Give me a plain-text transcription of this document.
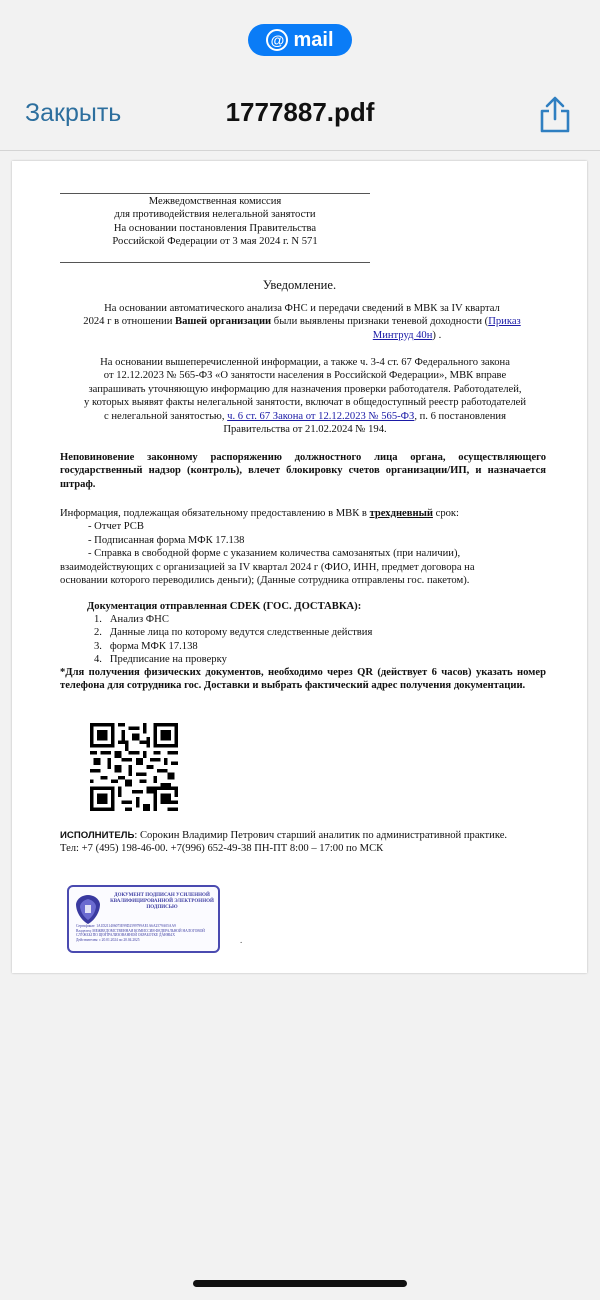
@ mail
Закрыть	1777887.pdf
Межведомственная комиссия
для противодействия нелегальной занятости
На основании постановления Правительства
Российской Федерации от 3 мая 2024 г. N 571
Уведомление.
На основании автоматического анализа ФНС и передачи сведений в МВК за IV квартал
2024 г в отношении Вашей организации были выявлены признаки теневой доходности (Приказ
Минтруд 40н) .
На основании вышеперечисленной информации, а также ч. 3-4 ст. 67 Федерального закона
от 12.12.2023 № 565-ФЗ «О занятости населения в Российской Федерации», МВК вправе
запрашивать уточняющую информацию для назначения проверки работодателя. Работодателей,
у которых выявят факты нелегальной занятости, включат в общедоступный реестр работодателей
с нелегальной занятостью, ч. 6 ст. 67 Закона от 12.12.2023 № 565-ФЗ, п. 6 постановления
Правительства от 21.02.2024 № 194.
Неповиновение законному распоряжению должностного лица органа, осуществляющего государственный надзор (контроль), влечет блокировку счетов организации/ИП, и назначается штраф.
Информация, подлежащая обязательному предоставлению в МВК в трехдневный срок:
- Отчет РСВ
- Подписанная форма МФК 17.138
- Справка в свободной форме с указанием количества самозанятых (при наличии),
взаимодействующих с организацией за IV квартал 2024 г (ФИО, ИНН, предмет договора на
основании которого переводились деньги); (Данные сотрудника отправлены гос. пакетом).
Документация отправленная CDEK (ГОС. ДОСТАВКА):
1.   Анализ ФНС
2.   Данные лица по которому ведутся следственные действия
3.   форма МФК 17.138
4.   Предписание на проверку
*Для получения физических документов, необходимо через QR (действует 6 часов) указать номер телефона для сотрудника гос. Доставки и выбрать фактический адрес получения документации.
ИСПОЛНИТЕЛЬ: Сорокин Владимир Петрович старший аналитик по административной практике.
Тел: +7 (495) 198-46-00. +7(996) 652-49-38 ПН-ПТ 8:00 – 17:00 по МСК
ДОКУМЕНТ ПОДПИСАН УСИЛЕННОЙ КВАЛИФИЦИРОВАННОЙ ЭЛЕКТРОННОЙ ПОДПИСЬЮ
Сертификат: 1A1D211406075E99D2599799AE1A6A2579A05AA9
Владелец: МЕЖВЕДОМСТВЕННАЯ КОМИССИЯ ФЕДЕРАЛЬНОЙ НАЛОГОВОЙ СЛУЖБЫ ПО ЦЕНТРАЛИЗОВАННОЙ ОБРАБОТКЕ ДАННЫХ
Действителен: с 20.01.2024 по 20.04.2025	.
